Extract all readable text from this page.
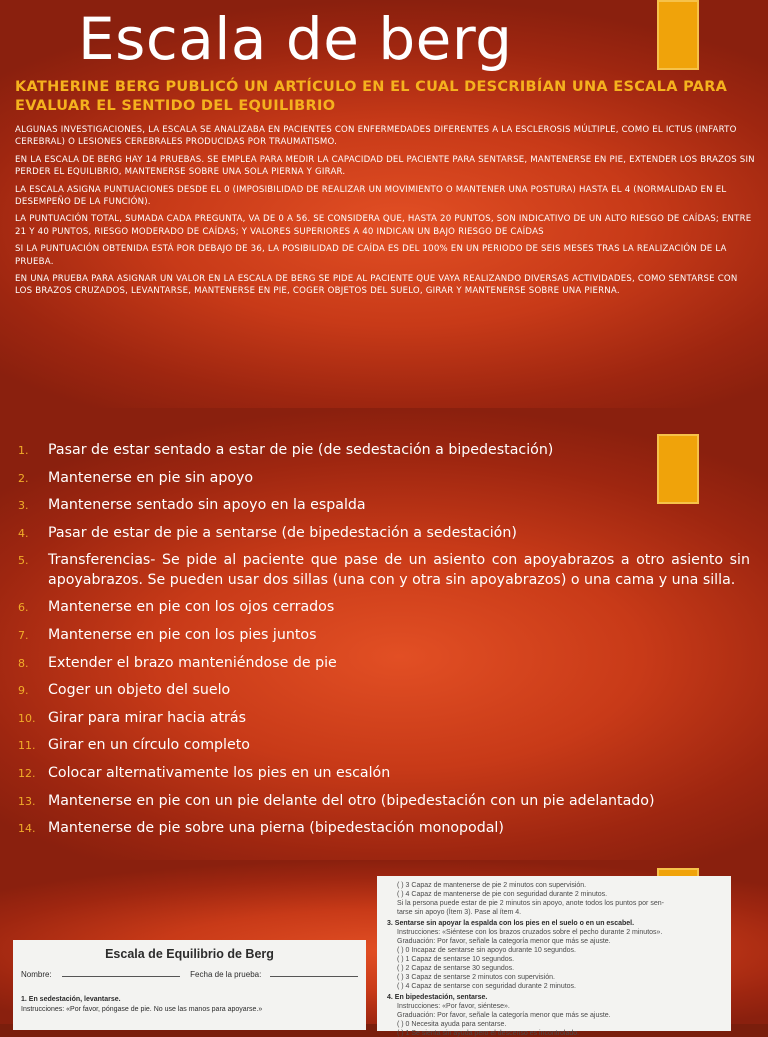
Escala de berg
KATHERINE BERG PUBLICÓ UN ARTÍCULO EN EL CUAL DESCRIBÍAN UNA ESCALA PARA EVALUAR EL SENTIDO DEL EQUILIBRIO

ALGUNAS INVESTIGACIONES, LA ESCALA SE ANALIZABA EN PACIENTES CON ENFERMEDADES DIFERENTES A LA ESCLEROSIS MÚLTIPLE, COMO EL ICTUS (INFARTO CEREBRAL) O LESIONES CEREBRALES PRODUCIDAS POR TRAUMATISMO.

EN LA ESCALA DE BERG HAY 14 PRUEBAS. SE EMPLEA PARA MEDIR LA CAPACIDAD DEL PACIENTE PARA SENTARSE, MANTENERSE EN PIE, EXTENDER LOS BRAZOS SIN PERDER EL EQUILIBRIO, MANTENERSE SOBRE UNA SOLA PIERNA Y GIRAR.

LA ESCALA ASIGNA PUNTUACIONES DESDE EL 0 (IMPOSIBILIDAD DE REALIZAR UN MOVIMIENTO O MANTENER UNA POSTURA) HASTA EL 4 (NORMALIDAD EN EL DESEMPEÑO DE LA FUNCIÓN).

LA PUNTUACIÓN TOTAL, SUMADA CADA PREGUNTA, VA DE 0 A 56. SE CONSIDERA QUE, HASTA 20 PUNTOS, SON INDICATIVO DE UN ALTO RIESGO DE CAÍDAS; ENTRE 21 Y 40 PUNTOS, RIESGO MODERADO DE CAÍDAS; Y VALORES SUPERIORES A 40 INDICAN UN BAJO RIESGO DE CAÍDAS

SI LA PUNTUACIÓN OBTENIDA ESTÁ POR DEBAJO DE 36, LA POSIBILIDAD DE CAÍDA ES DEL 100% EN UN PERIODO DE SEIS MESES TRAS LA REALIZACIÓN DE LA PRUEBA.

EN UNA PRUEBA PARA ASIGNAR UN VALOR EN LA ESCALA DE BERG SE PIDE AL PACIENTE QUE VAYA REALIZANDO DIVERSAS ACTIVIDADES, COMO SENTARSE CON LOS BRAZOS CRUZADOS, LEVANTARSE, MANTENERSE EN PIE, COGER OBJETOS DEL SUELO, GIRAR Y MANTENERSE SOBRE UNA PIERNA.

1.	Pasar de estar sentado a estar de pie (de sedestación a bipedestación)
2.	Mantenerse en pie sin apoyo
3.	Mantenerse sentado sin apoyo en la espalda
4.	Pasar de estar de pie a sentarse (de bipedestación a sedestación)
5.	Transferencias- Se pide al paciente que pase de un asiento con apoyabrazos a otro asiento sin apoyabrazos. Se pueden usar dos sillas (una con y otra sin apoyabrazos) o una cama y una silla.
6.	Mantenerse en pie con los ojos cerrados
7.	Mantenerse en pie con los pies juntos
8.	Extender el brazo manteniéndose de pie
9.	Coger un objeto del suelo
10. Girar para mirar hacia atrás
11. Girar en un círculo completo
12. Colocar alternativamente los pies en un escalón
13. Mantenerse en pie con un pie delante del otro (bipedestación con un pie adelantado)
14. Mantenerse de pie sobre una pierna (bipedestación monopodal)
Escala de Equilibrio de Berg
Nombre:	Fecha de la prueba:
1. En sedestación, levantarse.
Instrucciones: «Por favor, póngase de pie. No use las manos para apoyarse.»
( ) 3 Capaz de mantenerse de pie 2 minutos con supervisión.
( ) 4 Capaz de mantenerse de pie con seguridad durante 2 minutos.
Si la persona puede estar de pie 2 minutos sin apoyo, anote todos los puntos por sen-
tarse sin apoyo (Ítem 3). Pase al ítem 4.
3. Sentarse sin apoyar la espalda con los pies en el suelo o en un escabel.
Instrucciones: «Siéntese con los brazos cruzados sobre el pecho durante 2 minutos».
Graduación: Por favor, señale la categoría menor que más se ajuste.
( ) 0 Incapaz de sentarse sin apoyo durante 10 segundos.
( ) 1 Capaz de sentarse 10 segundos.
( ) 2 Capaz de sentarse 30 segundos.
( ) 3 Capaz de sentarse 2 minutos con supervisión.
( ) 4 Capaz de sentarse con seguridad durante 2 minutos.
4. En bipedestación, sentarse.
Instrucciones: «Por favor, siéntese».
Graduación: Por favor, señale la categoría menor que más se ajuste.
( ) 0 Necesita ayuda para sentarse.
( ) 1 Se sienta sin ayuda pero el descenso es incontrolado.
